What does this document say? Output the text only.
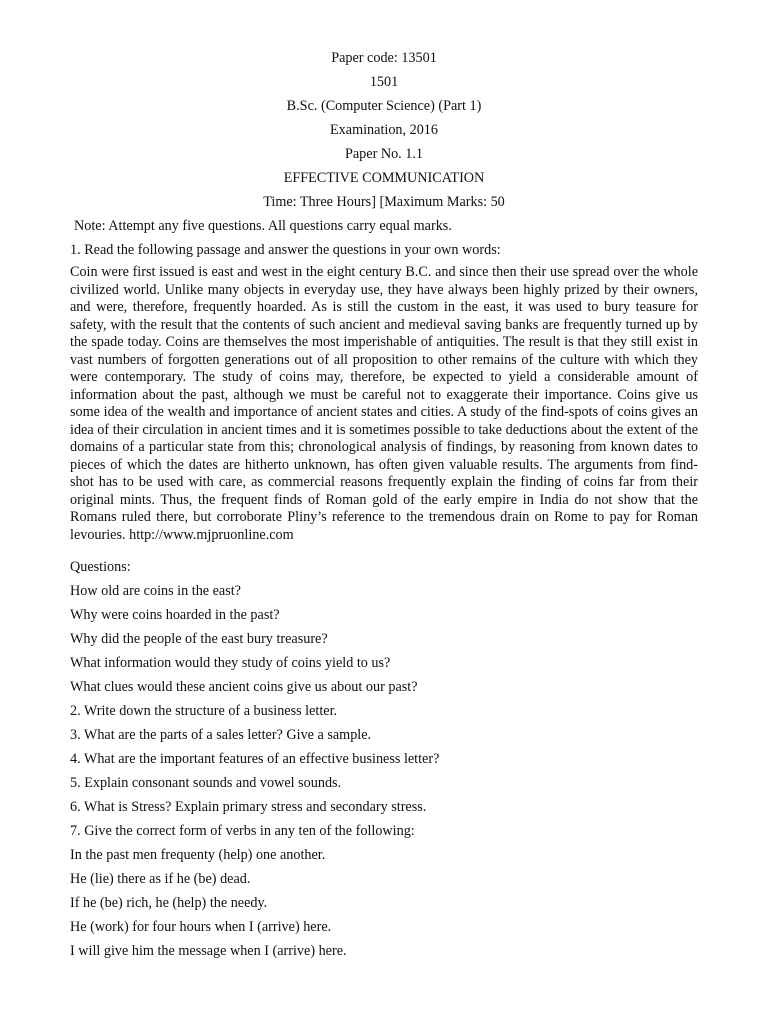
Paper code: 13501
1501
B.Sc. (Computer Science) (Part 1)
Examination, 2016
Paper No. 1.1
EFFECTIVE COMMUNICATION
Time: Three Hours] [Maximum Marks: 50
Note: Attempt any five questions. All questions carry equal marks.
1. Read the following passage and answer the questions in your own words:

Coin were first issued is east and west in the eight century B.C. and since then their use spread over the whole civilized world. Unlike many objects in everyday use, they have always been highly prized by their owners, and were, therefore, frequently hoarded. As is still the custom in the east, it was used to bury teasure for safety, with the result that the contents of such ancient and medieval saving banks are frequently turned up by the spade today. Coins are themselves the most imperishable of antiquities. The result is that they still exist in vast numbers of forgotten generations out of all proposition to other remains of the culture with which they were contemporary. The study of coins may, therefore, be expected to yield a considerable amount of information about the past, although we must be careful not to exaggerate their importance. Coins give us some idea of the wealth and importance of ancient states and cities. A study of the find-spots of coins gives an idea of their circulation in ancient times and it is sometimes possible to take deductions about the extent of the domains of a particular state from this; chronological analysis of findings, by reasoning from known dates to pieces of which the dates are hitherto unknown, has often given valuable results. The arguments from find-shot has to be used with care, as commercial reasons frequently explain the finding of coins far from their original mints. Thus, the frequent finds of Roman gold of the early empire in India do not show that the Romans ruled there, but corroborate Pliny’s reference to the tremendous drain on Rome to pay for Roman levouries. http://www.mjpruonline.com

Questions:
How old are coins in the east?
Why were coins hoarded in the past?
Why did the people of the east bury treasure?
What information would they study of coins yield to us?
What clues would these ancient coins give us about our past?
2. Write down the structure of a business letter.
3. What are the parts of a sales letter? Give a sample.
4. What are the important features of an effective business letter?
5. Explain consonant sounds and vowel sounds.
6. What is Stress? Explain primary stress and secondary stress.
7. Give the correct form of verbs in any ten of the following:
In the past men frequenty (help) one another.
He (lie) there as if he (be) dead.
If he (be) rich, he (help) the needy.
He (work) for four hours when I (arrive) here.
I will give him the message when I (arrive) here.
